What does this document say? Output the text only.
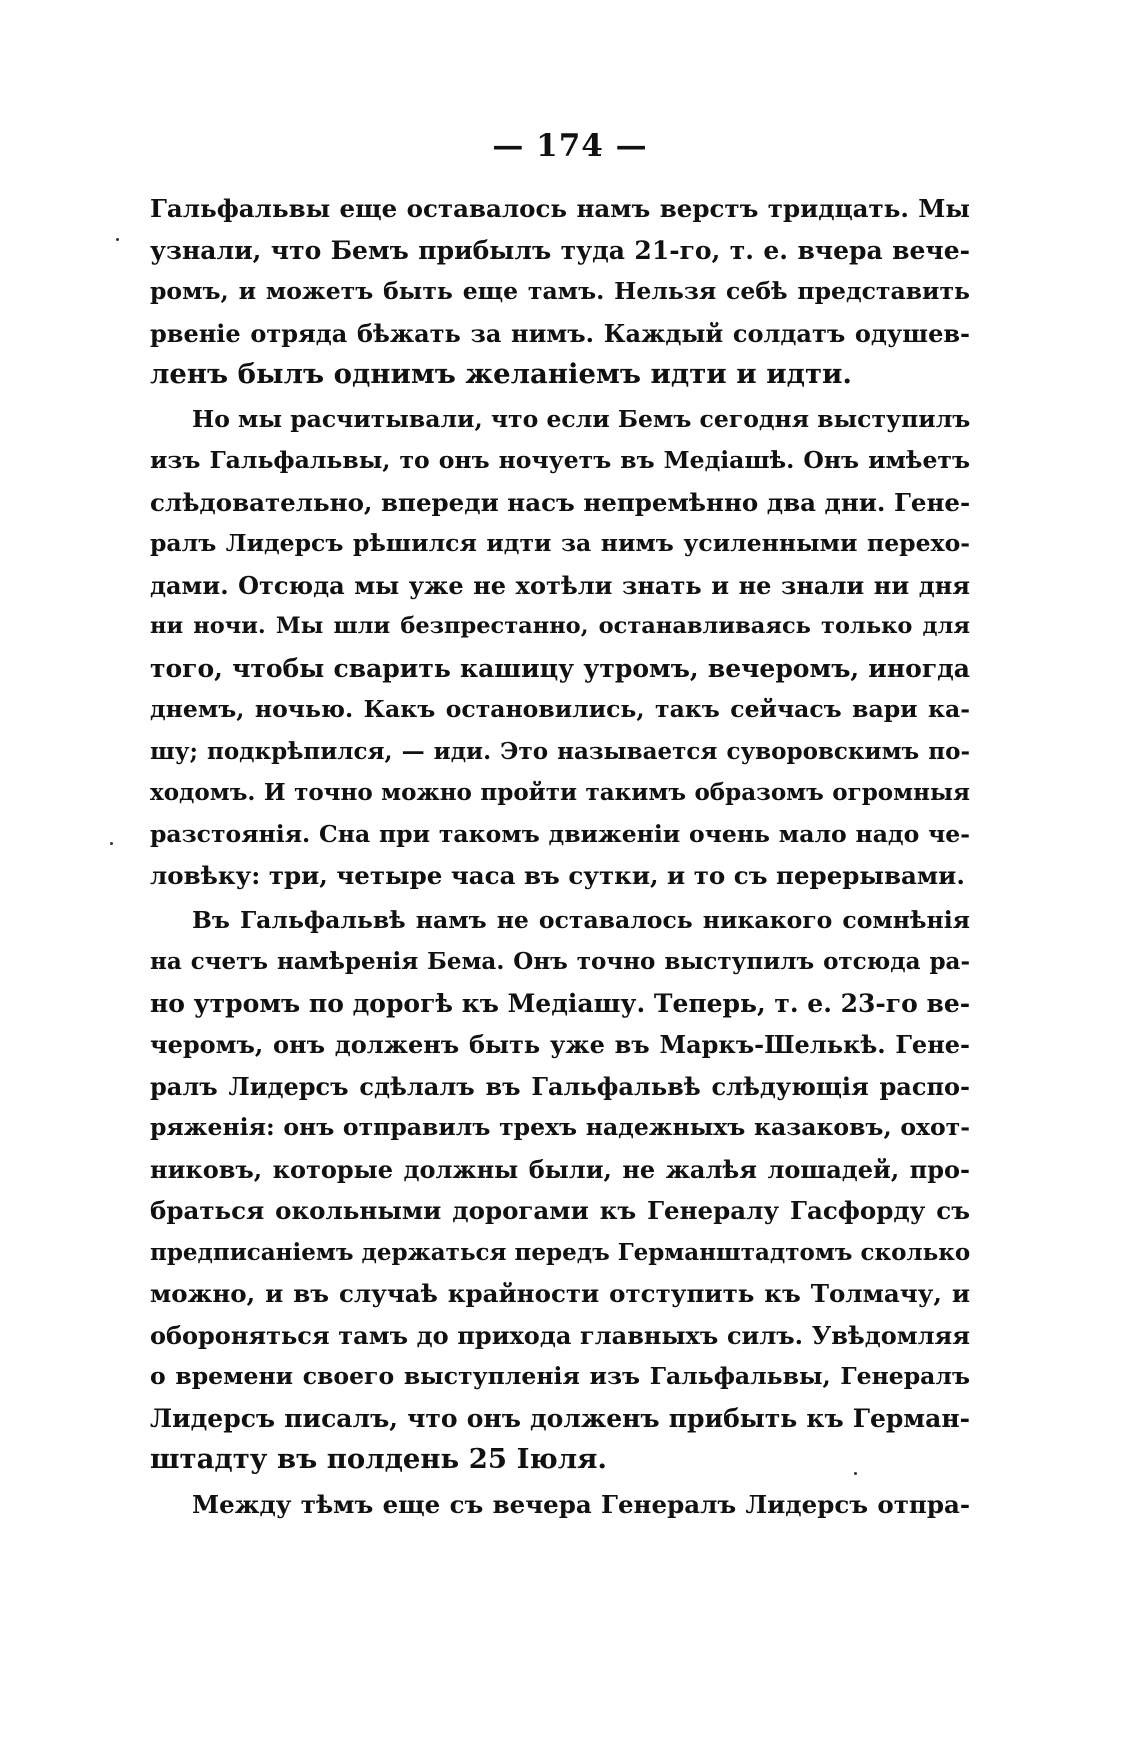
— 174 —
Гальфальвы еще оставалось намъ верстъ тридцать. Мы
узнали, что Бемъ прибылъ туда 21-го, т. е. вчера вече-
ромъ, и можетъ быть еще тамъ. Нельзя себѣ представить
рвеніе отряда бѣжать за нимъ. Каждый солдатъ одушев-
ленъ былъ однимъ желаніемъ идти и идти.
Но мы расчитывали, что если Бемъ сегодня выступилъ
изъ Гальфальвы, то онъ ночуетъ въ Медіашѣ. Онъ имѣетъ
слѣдовательно, впереди насъ непремѣнно два дни. Гене-
ралъ Лидерсъ рѣшился идти за нимъ усиленными перехо-
дами. Отсюда мы уже не хотѣли знать и не знали ни дня
ни ночи. Мы шли безпрестанно, останавливаясь только для
того, чтобы сварить кашицу утромъ, вечеромъ, иногда
днемъ, ночью. Какъ остановились, такъ сейчасъ вари ка-
шу; подкрѣпился, — иди. Это называется суворовскимъ по-
ходомъ. И точно можно пройти такимъ образомъ огромныя
разстоянія. Сна при такомъ движеніи очень мало надо че-
ловѣку: три, четыре часа въ сутки, и то съ перерывами.
Въ Гальфальвѣ намъ не оставалось никакого сомнѣнія
на счетъ намѣренія Бема. Онъ точно выступилъ отсюда ра-
но утромъ по дорогѣ къ Медіашу. Теперь, т. е. 23-го ве-
черомъ, онъ долженъ быть уже въ Маркъ-Шелькѣ. Гене-
ралъ Лидерсъ сдѣлалъ въ Гальфальвѣ слѣдующія распо-
ряженія: онъ отправилъ трехъ надежныхъ казаковъ, охот-
никовъ, которые должны были, не жалѣя лошадей, про-
браться окольными дорогами къ Генералу Гасфорду съ
предписаніемъ держаться передъ Германштадтомъ сколько
можно, и въ случаѣ крайности отступить къ Толмачу, и
обороняться тамъ до прихода главныхъ силъ. Увѣдомляя
о времени своего выступленія изъ Гальфальвы, Генералъ
Лидерсъ писалъ, что онъ долженъ прибыть къ Герман-
штадту въ полдень 25 Іюля.
Между тѣмъ еще съ вечера Генералъ Лидерсъ отпра-
